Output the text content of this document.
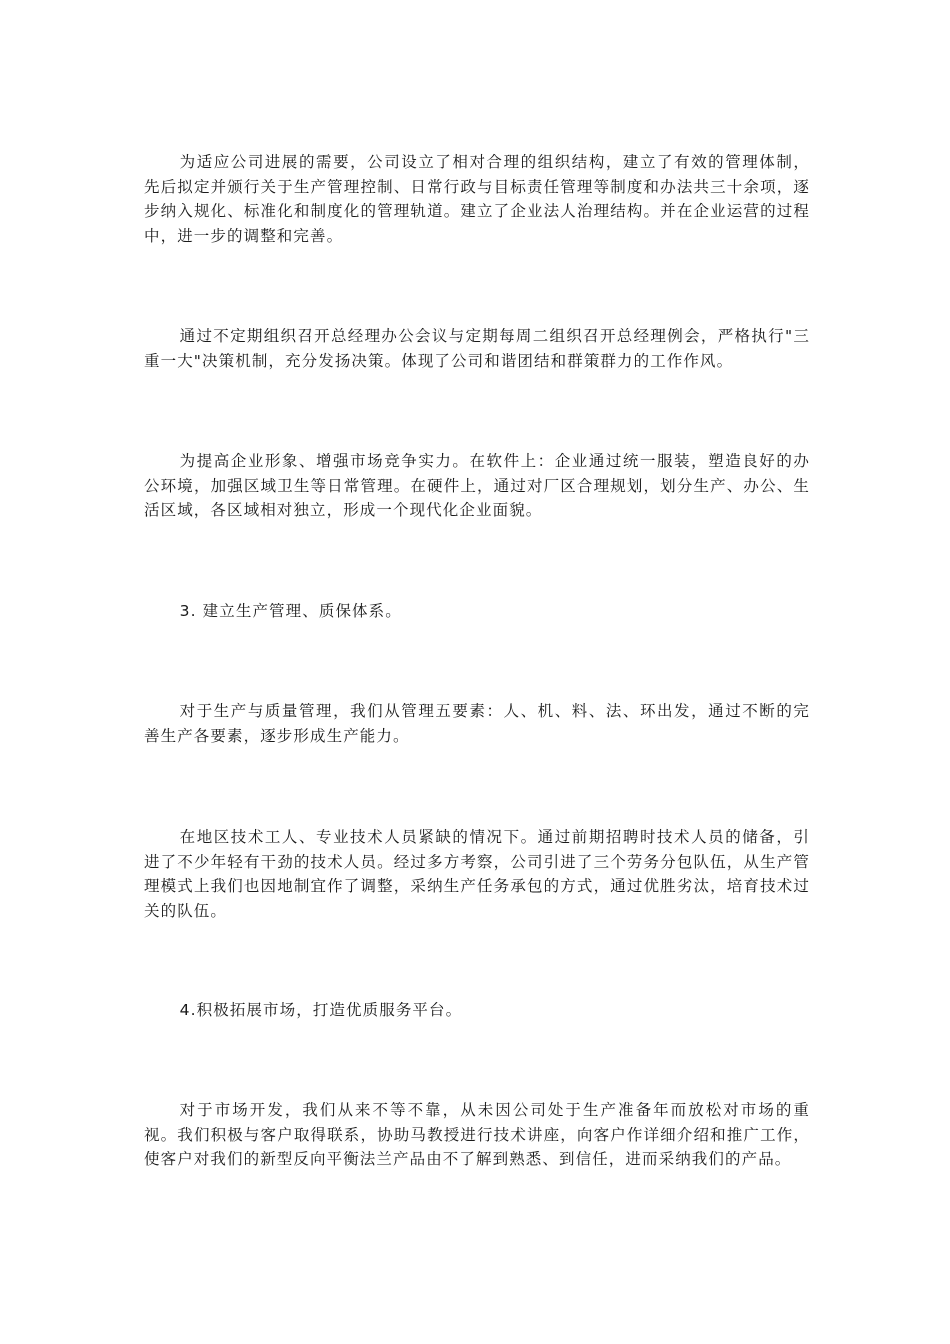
为适应公司进展的需要，公司设立了相对合理的组织结构，建立了有效的管理体制，先后拟定并颁行关于生产管理控制、日常行政与目标责任管理等制度和办法共三十余项，逐步纳入规化、标准化和制度化的管理轨道。建立了企业法人治理结构。并在企业运营的过程中，进一步的调整和完善。

通过不定期组织召开总经理办公会议与定期每周二组织召开总经理例会，严格执行"三重一大"决策机制，充分发扬决策。体现了公司和谐团结和群策群力的工作作风。

为提高企业形象、增强市场竞争实力。在软件上：企业通过统一服装，塑造良好的办公环境，加强区域卫生等日常管理。在硬件上，通过对厂区合理规划，划分生产、办公、生活区域，各区域相对独立，形成一个现代化企业面貌。

3. 建立生产管理、质保体系。

对于生产与质量管理，我们从管理五要素：人、机、料、法、环出发，通过不断的完善生产各要素，逐步形成生产能力。

在地区技术工人、专业技术人员紧缺的情况下。通过前期招聘时技术人员的储备，引进了不少年轻有干劲的技术人员。经过多方考察，公司引进了三个劳务分包队伍，从生产管理模式上我们也因地制宜作了调整，采纳生产任务承包的方式，通过优胜劣汰，培育技术过关的队伍。

4.积极拓展市场，打造优质服务平台。

对于市场开发，我们从来不等不靠，从未因公司处于生产准备年而放松对市场的重视。我们积极与客户取得联系，协助马教授进行技术讲座，向客户作详细介绍和推广工作，使客户对我们的新型反向平衡法兰产品由不了解到熟悉、到信任，进而采纳我们的产品。
